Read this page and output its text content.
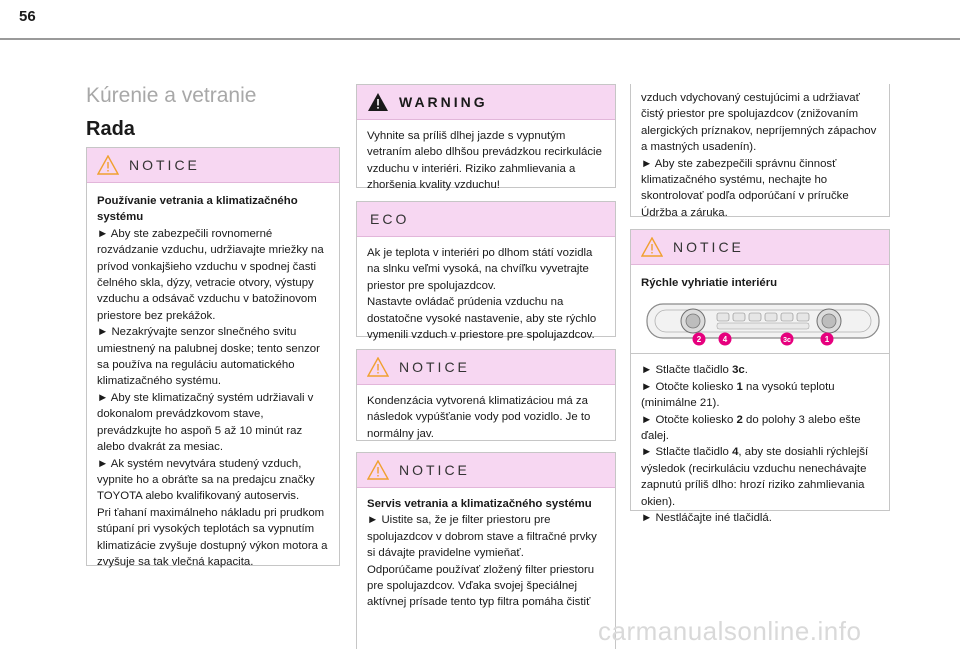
56
Kúrenie a vetranie
Rada
NOTICE

Používanie vetrania a klimatizačného systému

► Aby ste zabezpečili rovnomerné rozvádzanie vzduchu, udržiavajte mriežky na prívod vonkajšieho vzduchu v spodnej časti čelného skla, dýzy, vetracie otvory, výstupy vzduchu a odsávač vzduchu v batožinovom priestore bez prekážok.
► Nezakrývajte senzor slnečného svitu umiestnený na palubnej doske; tento senzor sa používa na reguláciu automatického klimatizačného systému.
► Aby ste klimatizačný systém udržiavali v dokonalom prevádzkovom stave, prevádzkujte ho aspoň 5 až 10 minút raz alebo dvakrát za mesiac.
► Ak systém nevytvára studený vzduch, vypnite ho a obráťte sa na predajcu značky TOYOTA alebo kvalifikovaný autoservis.
Pri ťahaní maximálneho nákladu pri prudkom stúpaní pri vysokých teplotách sa vypnutím klimatizácie zvyšuje dostupný výkon motora a zvyšuje sa tak vlečná kapacita.

WARNING

Vyhnite sa príliš dlhej jazde s vypnutým vetraním alebo dlhšou prevádzkou recirkulácie vzduchu v interiéri. Riziko zahmlievania a zhoršenia kvality vzduchu!

ECO

Ak je teplota v interiéri po dlhom státí vozidla na slnku veľmi vysoká, na chvíľku vyvetrajte priestor pre spolujazdcov.
Nastavte ovládač prúdenia vzduchu na dostatočne vysoké nastavenie, aby ste rýchlo vymenili vzduch v priestore pre spolujazdcov.

NOTICE

Kondenzácia vytvorená klimatizáciou má za následok vypúšťanie vody pod vozidlo. Je to normálny jav.

NOTICE

Servis vetrania a klimatizačného systému

► Uistite sa, že je filter priestoru pre spolujazdcov v dobrom stave a filtračné prvky si dávajte pravidelne vymieňať.
Odporúčame používať zložený filter priestoru pre spolujazdcov. Vďaka svojej špeciálnej aktívnej prísade tento typ filtra pomáha čistiť

vzduch vdychovaný cestujúcimi a udržiavať čistý priestor pre spolujazdcov (znižovaním alergických príznakov, nepríjemných zápachov a mastných usadenín).
► Aby ste zabezpečili správnu činnosť klimatizačného systému, nechajte ho skontrolovať podľa odporúčaní v príručke Údržba a záruka.

NOTICE

Rýchle vyhriatie interiéru

2	4	3c	1

► Stlačte tlačidlo 3c.

► Otočte koliesko 1 na vysokú teplotu (minimálne 21).

► Otočte koliesko 2 do polohy 3 alebo ešte ďalej.

► Stlačte tlačidlo 4, aby ste dosiahli rýchlejší výsledok (recirkuláciu vzduchu nenechávajte zapnutú príliš dlho: hrozí riziko zahmlievania okien).

► Nestláčajte iné tlačidlá.

carmanualsonline.info
